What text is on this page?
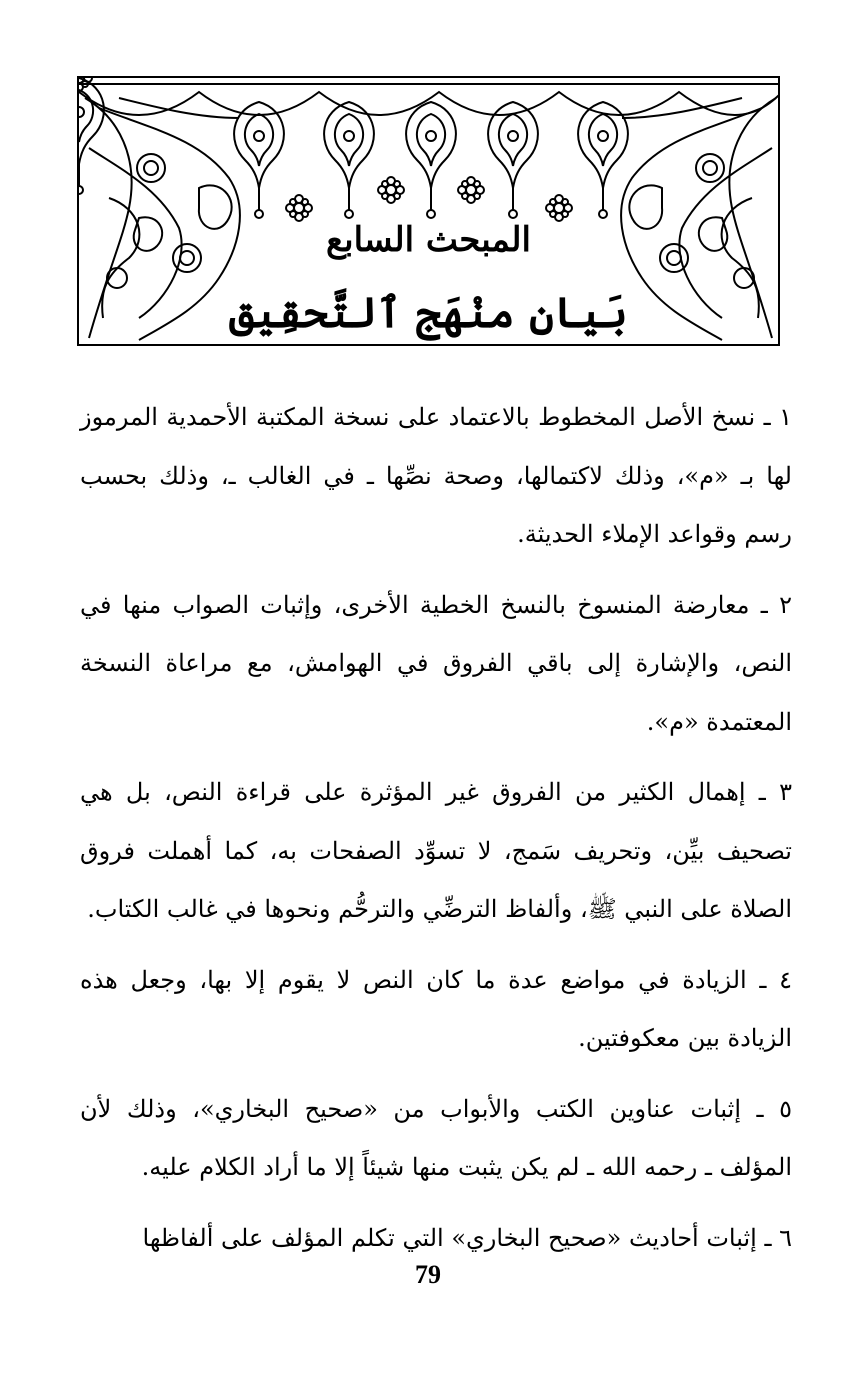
المبحث السابع
بَيان منْهَج ٱلتَّحقِيق

١ ـ نسخ الأصل المخطوط بالاعتماد على نسخة المكتبة الأحمدية المرموز لها بـ «م»، وذلك لاكتمالها، وصحة نصِّها ـ في الغالب ـ، وذلك بحسب رسم وقواعد الإملاء الحديثة.

٢ ـ معارضة المنسوخ بالنسخ الخطية الأخرى، وإثبات الصواب منها في النص، والإشارة إلى باقي الفروق في الهوامش، مع مراعاة النسخة المعتمدة «م».

٣ ـ إهمال الكثير من الفروق غير المؤثرة على قراءة النص، بل هي تصحيف بيِّن، وتحريف سَمج، لا تسوِّد الصفحات به، كما أهملت فروق الصلاة على النبي ﷺ، وألفاظ الترضِّي والترحُّم ونحوها في غالب الكتاب.

٤ ـ الزيادة في مواضع عدة ما كان النص لا يقوم إلا بها، وجعل هذه الزيادة بين معكوفتين.

٥ ـ إثبات عناوين الكتب والأبواب من «صحيح البخاري»، وذلك لأن المؤلف ـ رحمه الله ـ لم يكن يثبت منها شيئاً إلا ما أراد الكلام عليه.

٦ ـ إثبات أحاديث «صحيح البخاري» التي تكلم المؤلف على ألفاظها

79
